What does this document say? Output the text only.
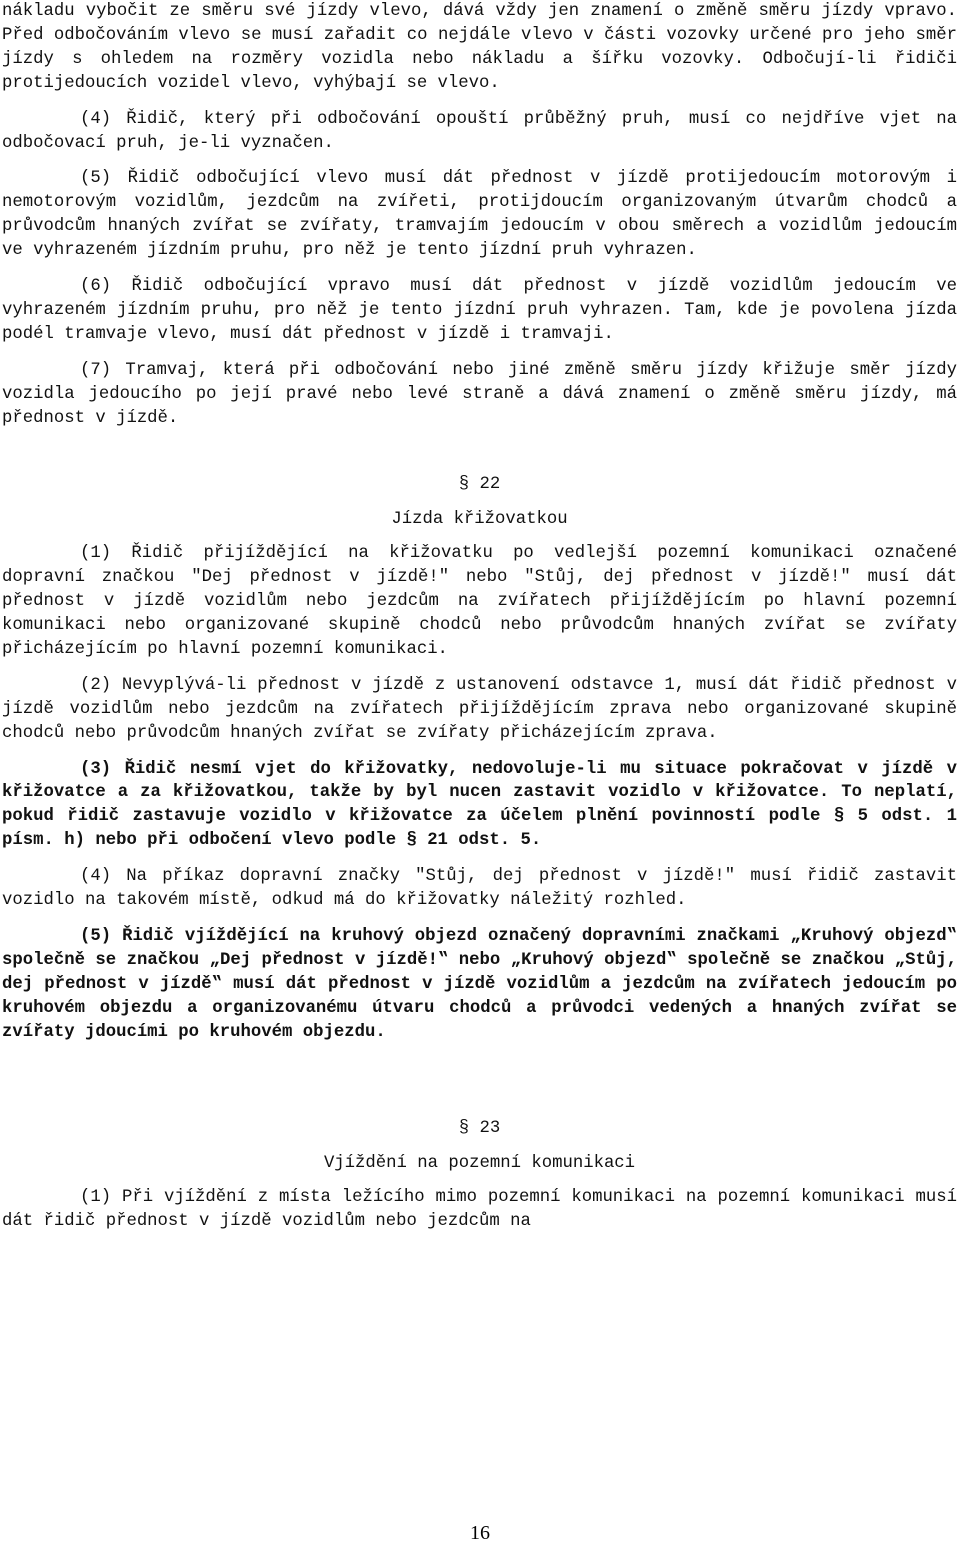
nákladu vybočit ze směru své jízdy vlevo, dává vždy jen znamení o změně směru jízdy vpravo. Před odbočováním vlevo se musí zařadit co nejdále vlevo v části vozovky určené pro jeho směr jízdy s ohledem na rozměry vozidla nebo nákladu a šířku vozovky. Odbočují-li řidiči protijedoucích vozidel vlevo, vyhýbají se vlevo.

(4) Řidič, který při odbočování opouští průběžný pruh, musí co nejdříve vjet na odbočovací pruh, je-li vyznačen.

(5) Řidič odbočující vlevo musí dát přednost v jízdě protijedoucím motorovým i nemotorovým vozidlům, jezdcům na zvířeti, protijdoucím organizovaným útvarům chodců a průvodcům hnaných zvířat se zvířaty, tramvajím jedoucím v obou směrech a vozidlům jedoucím ve vyhrazeném jízdním pruhu, pro něž je tento jízdní pruh vyhrazen.

(6) Řidič odbočující vpravo musí dát přednost v jízdě vozidlům jedoucím ve vyhrazeném jízdním pruhu, pro něž je tento jízdní pruh vyhrazen. Tam, kde je povolena jízda podél tramvaje vlevo, musí dát přednost v jízdě i tramvaji.

(7) Tramvaj, která při odbočování nebo jiné změně směru jízdy křižuje směr jízdy vozidla jedoucího po její pravé nebo levé straně a dává znamení o změně směru jízdy, má přednost v jízdě.

§ 22
Jízda křižovatkou

(1) Řidič přijíždějící na křižovatku po vedlejší pozemní komunikaci označené dopravní značkou "Dej přednost v jízdě!" nebo "Stůj, dej přednost v jízdě!" musí dát přednost v jízdě vozidlům nebo jezdcům na zvířatech přijíždějícím po hlavní pozemní komunikaci nebo organizované skupině chodců nebo průvodcům hnaných zvířat se zvířaty přicházejícím po hlavní pozemní komunikaci.

(2) Nevyplývá-li přednost v jízdě z ustanovení odstavce 1, musí dát řidič přednost v jízdě vozidlům nebo jezdcům na zvířatech přijíždějícím zprava nebo organizované skupině chodců nebo průvodcům hnaných zvířat se zvířaty přicházejícím zprava.

(3) Řidič nesmí vjet do křižovatky, nedovoluje-li mu situace pokračovat v jízdě v křižovatce a za křižovatkou, takže by byl nucen zastavit vozidlo v křižovatce. To neplatí, pokud řidič zastavuje vozidlo v křižovatce za účelem plnění povinností podle § 5 odst. 1 písm. h) nebo při odbočení vlevo podle § 21 odst. 5.

(4) Na příkaz dopravní značky "Stůj, dej přednost v jízdě!" musí řidič zastavit vozidlo na takovém místě, odkud má do křižovatky náležitý rozhled.

(5) Řidič vjíždějící na kruhový objezd označený dopravními značkami „Kruhový objezd‟ společně se značkou „Dej přednost v jízdě!‟ nebo „Kruhový objezd‟ společně se značkou „Stůj, dej přednost v jízdě‟ musí dát přednost v jízdě vozidlům a jezdcům na zvířatech jedoucím po kruhovém objezdu a organizovanému útvaru chodců a průvodci vedených a hnaných zvířat se zvířaty jdoucími po kruhovém objezdu.

§ 23
Vjíždění na pozemní komunikaci

(1) Při vjíždění z místa ležícího mimo pozemní komunikaci na pozemní komunikaci musí dát řidič přednost v jízdě vozidlům nebo jezdcům na

16
